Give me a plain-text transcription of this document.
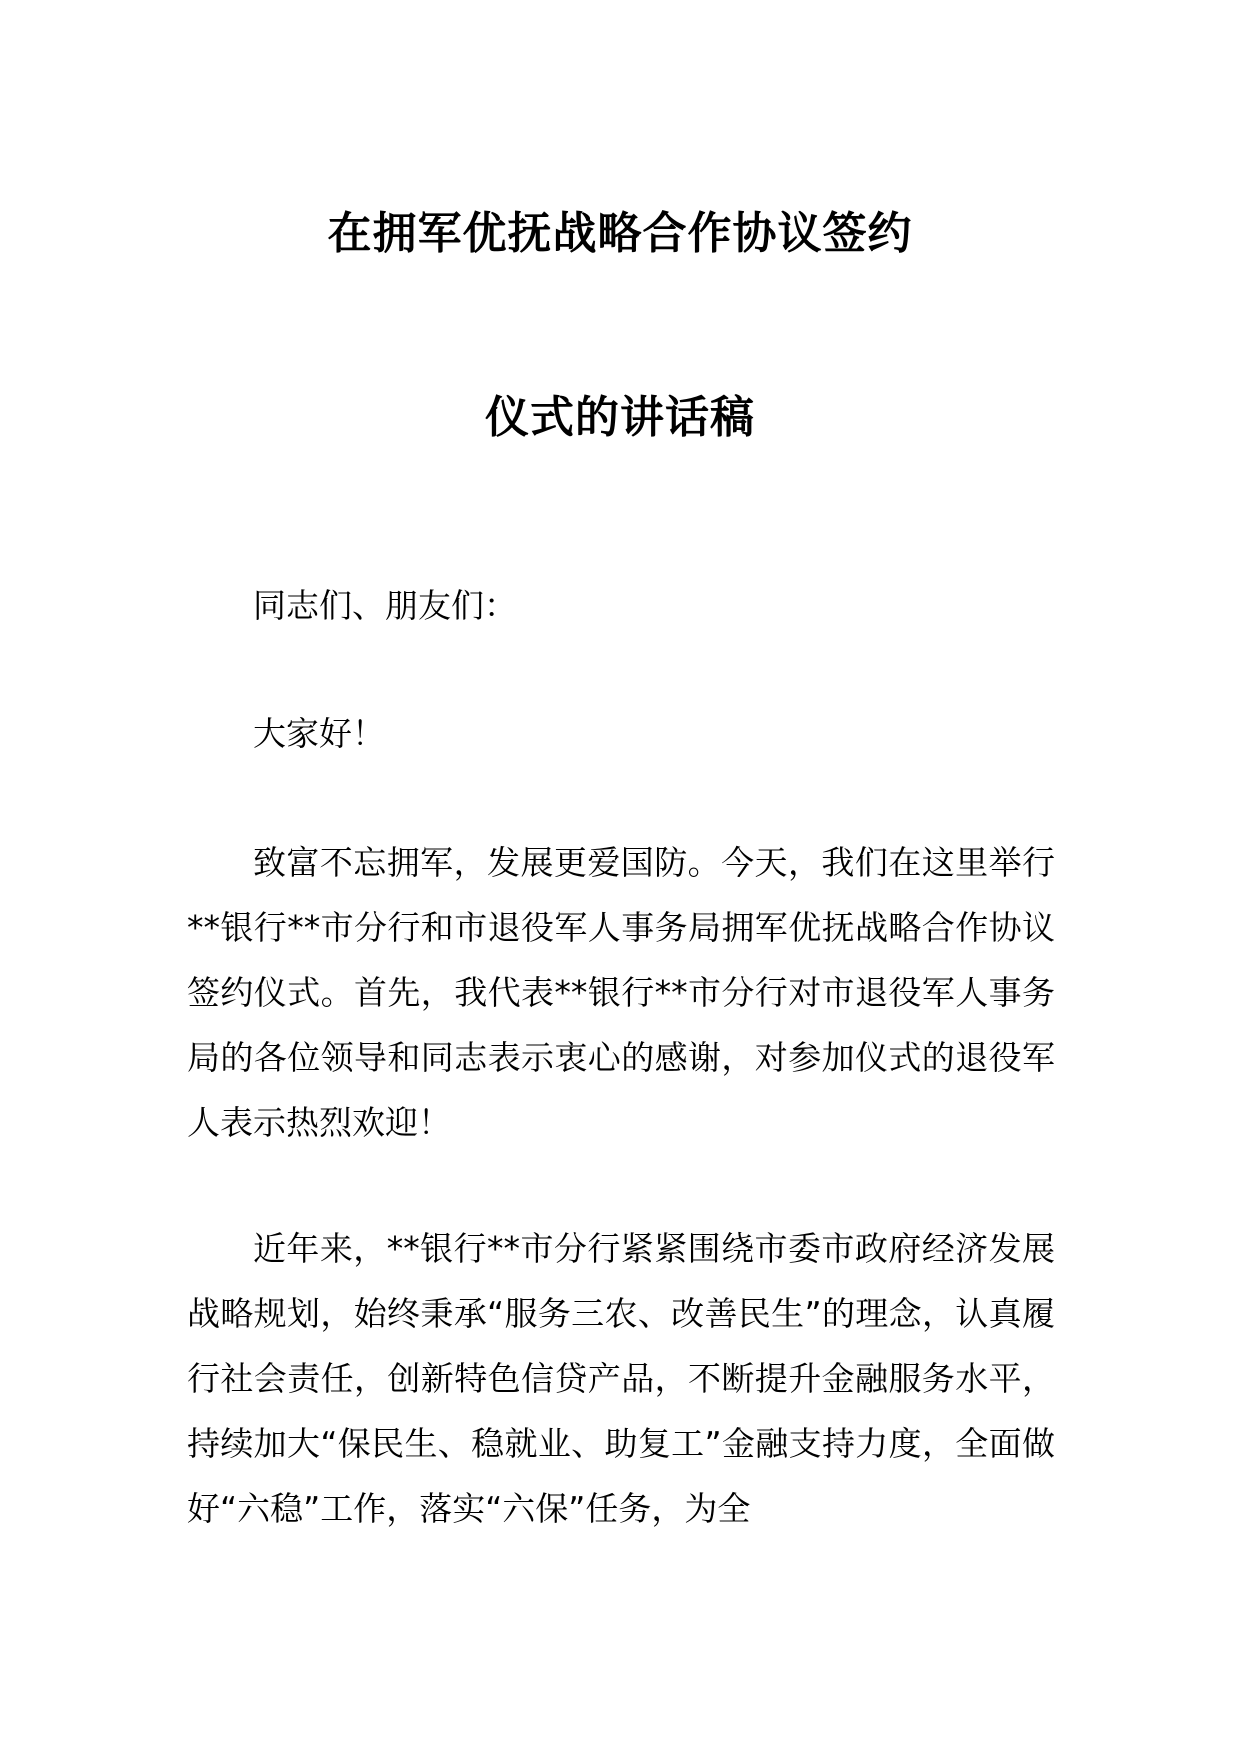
在拥军优抚战略合作协议签约
仪式的讲话稿

同志们、朋友们：

大家好！

致富不忘拥军，发展更爱国防。今天，我们在这里举行**银行**市分行和市退役军人事务局拥军优抚战略合作协议签约仪式。首先，我代表**银行**市分行对市退役军人事务局的各位领导和同志表示衷心的感谢，对参加仪式的退役军人表示热烈欢迎！

近年来，**银行**市分行紧紧围绕市委市政府经济发展战略规划，始终秉承“服务三农、改善民生”的理念，认真履行社会责任，创新特色信贷产品，不断提升金融服务水平，持续加大“保民生、稳就业、助复工”金融支持力度，全面做好“六稳”工作，落实“六保”任务，为全
